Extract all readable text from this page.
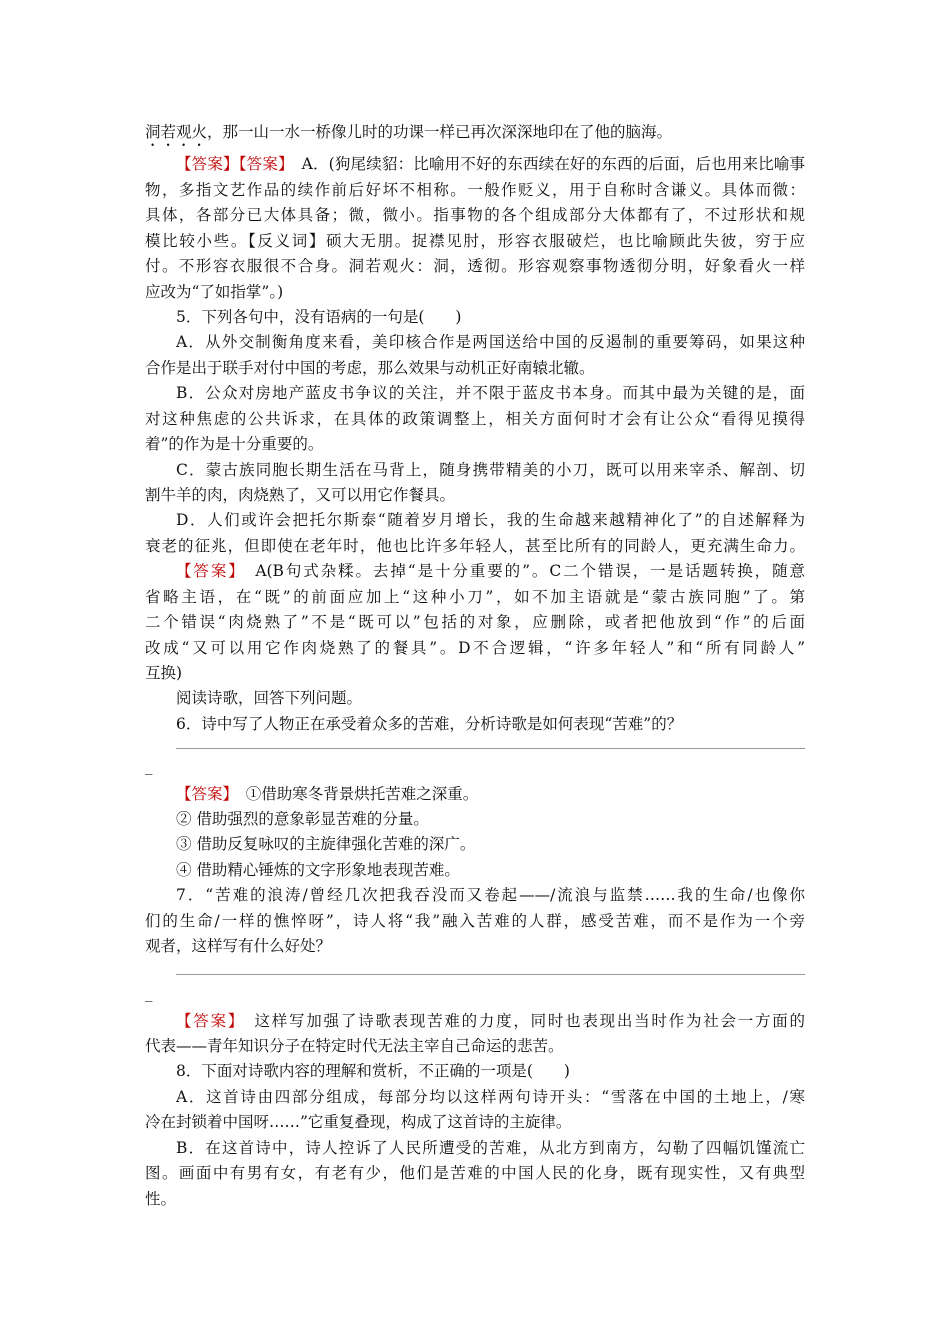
洞若观火，那一山一水一桥像儿时的功课一样已再次深深地印在了他的脑海。
【答案】【答案】　A．(狗尾续貂：比喻用不好的东西续在好的东西的后面，后也用来比喻事
物，多指文艺作品的续作前后好坏不相称。一般作贬义，用于自称时含谦义。具体而微：
具体，各部分已大体具备；微，微小。指事物的各个组成部分大体都有了，不过形状和规
模比较小些。【反义词】硕大无朋。捉襟见肘，形容衣服破烂，也比喻顾此失彼，穷于应
付。不形容衣服很不合身。洞若观火：洞，透彻。形容观察事物透彻分明，好象看火一样
应改为“了如指掌”。)
5．下列各句中，没有语病的一句是(　　)
A．从外交制衡角度来看，美印核合作是两国送给中国的反遏制的重要筹码，如果这种
合作是出于联手对付中国的考虑，那么效果与动机正好南辕北辙。
B．公众对房地产蓝皮书争议的关注，并不限于蓝皮书本身。而其中最为关键的是，面
对这种焦虑的公共诉求，在具体的政策调整上，相关方面何时才会有让公众“看得见摸得
着”的作为是十分重要的。
C．蒙古族同胞长期生活在马背上，随身携带精美的小刀，既可以用来宰杀、解剖、切
割牛羊的肉，肉烧熟了，又可以用它作餐具。
D．人们或许会把托尔斯泰“随着岁月增长，我的生命越来越精神化了”的自述解释为
衰老的征兆，但即使在老年时，他也比许多年轻人，甚至比所有的同龄人，更充满生命力。
【答案】　A(B句式杂糅。去掉“是十分重要的”。C二个错误，一是话题转换，随意
省略主语，在“既”的前面应加上“这种小刀”，如不加主语就是“蒙古族同胞”了。第
二个错误“肉烧熟了”不是“既可以”包括的对象，应删除，或者把他放到“作”的后面
改成“又可以用它作肉烧熟了的餐具”。D不合逻辑，“许多年轻人”和“所有同龄人”
互换)
阅读诗歌，回答下列问题。
6．诗中写了人物正在承受着众多的苦难，分析诗歌是如何表现“苦难”的？
_
【答案】　①借助寒冬背景烘托苦难之深重。
② 借助强烈的意象彰显苦难的分量。
③ 借助反复咏叹的主旋律强化苦难的深广。
④ 借助精心锤炼的文字形象地表现苦难。
7．“苦难的浪涛/曾经几次把我吞没而又卷起——/流浪与监禁……我的生命/也像你
们的生命/一样的憔悴呀”，诗人将“我”融入苦难的人群，感受苦难，而不是作为一个旁
观者，这样写有什么好处？
_
【答案】　这样写加强了诗歌表现苦难的力度，同时也表现出当时作为社会一方面的
代表——青年知识分子在特定时代无法主宰自己命运的悲苦。
8．下面对诗歌内容的理解和赏析，不正确的一项是(　　)
A．这首诗由四部分组成，每部分均以这样两句诗开头：“雪落在中国的土地上，/寒
冷在封锁着中国呀……”它重复叠现，构成了这首诗的主旋律。
B．在这首诗中，诗人控诉了人民所遭受的苦难，从北方到南方，勾勒了四幅饥馑流亡
图。画面中有男有女，有老有少，他们是苦难的中国人民的化身，既有现实性，又有典型
性。
